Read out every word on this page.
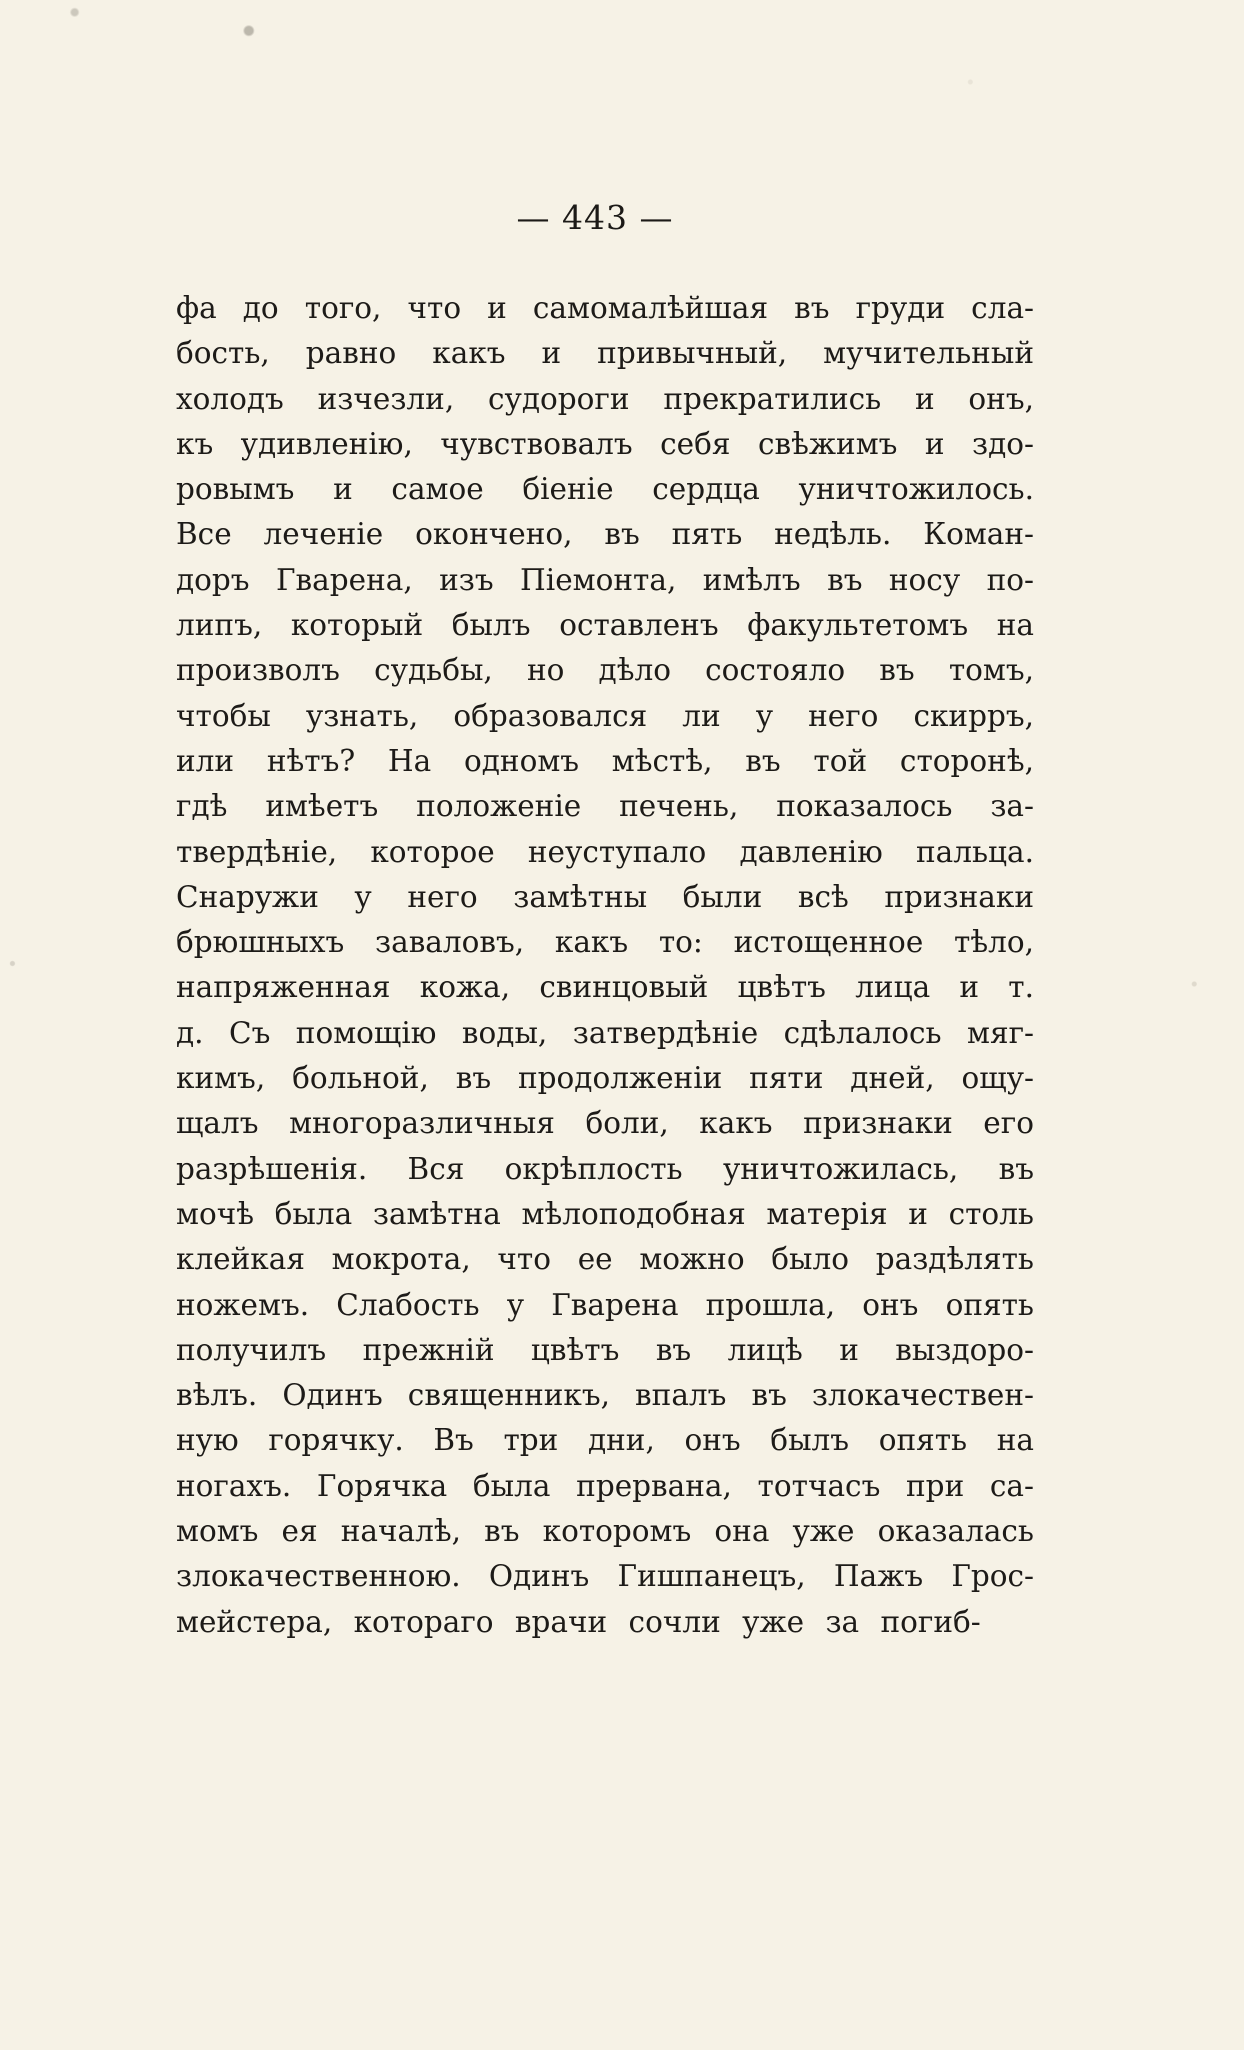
— 443 —
фа до того, что и самомалѣйшая въ груди сла-
бость, равно какъ и привычный, мучительный
холодъ изчезли, судороги прекратились и онъ,
къ удивленію, чувствовалъ себя свѣжимъ и здо-
ровымъ и самое біеніе сердца уничтожилось.
Все леченіе окончено, въ пять недѣль. Коман-
доръ Гварена, изъ Піемонта, имѣлъ въ носу по-
липъ, который былъ оставленъ факультетомъ на
произволъ судьбы, но дѣло состояло въ томъ,
чтобы узнать, образовался ли у него скирръ,
или нѣтъ? На одномъ мѣстѣ, въ той сторонѣ,
гдѣ имѣетъ положеніе печень, показалось за-
твердѣніе, которое неуступало давленію пальца.
Снаружи у него замѣтны были всѣ признаки
брюшныхъ заваловъ, какъ то: истощенное тѣло,
напряженная кожа, свинцовый цвѣтъ лица и т.
д. Съ помощію воды, затвердѣніе сдѣлалось мяг-
кимъ, больной, въ продолженіи пяти дней, ощу-
щалъ многоразличныя боли, какъ признаки его
разрѣшенія. Вся окрѣплость уничтожилась, въ
мочѣ была замѣтна мѣлоподобная матерія и столь
клейкая мокрота, что ее можно было раздѣлять
ножемъ. Слабость у Гварена прошла, онъ опять
получилъ прежній цвѣтъ въ лицѣ и выздоро-
вѣлъ. Одинъ священникъ, впалъ въ злокачествен-
ную горячку. Въ три дни, онъ былъ опять на
ногахъ. Горячка была прервана, тотчасъ при са-
момъ ея началѣ, въ которомъ она уже оказалась
злокачественною. Одинъ Гишпанецъ, Пажъ Грос-
мейстера, котораго врачи сочли уже за погиб-
